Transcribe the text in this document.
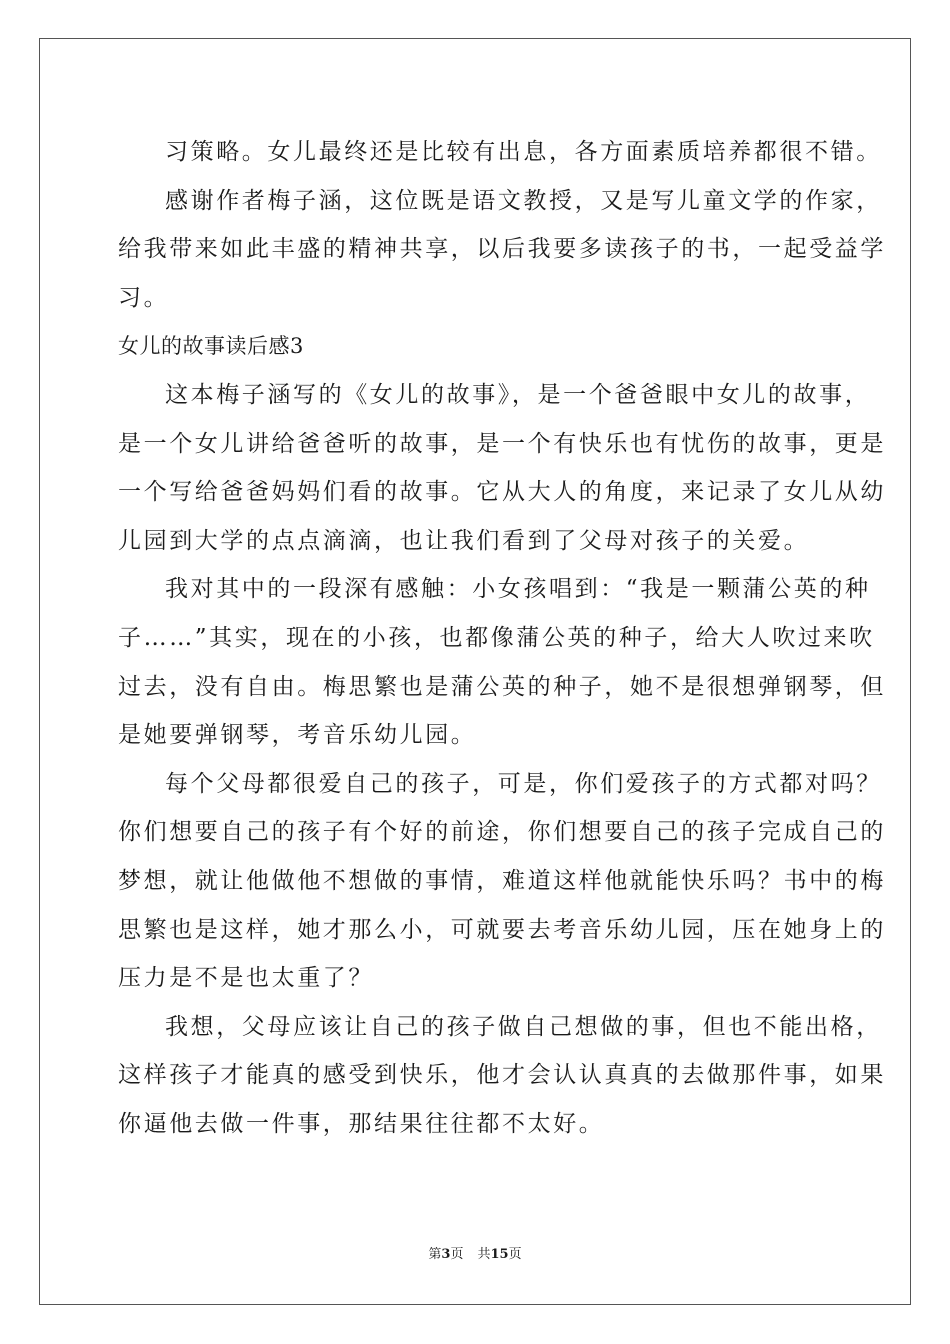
习策略。女儿最终还是比较有出息，各方面素质培养都很不错。
感谢作者梅子涵，这位既是语文教授，又是写儿童文学的作家，
给我带来如此丰盛的精神共享，以后我要多读孩子的书，一起受益学
习。
女儿的故事读后感3
这本梅子涵写的《女儿的故事》，是一个爸爸眼中女儿的故事，
是一个女儿讲给爸爸听的故事，是一个有快乐也有忧伤的故事，更是
一个写给爸爸妈妈们看的故事。它从大人的角度，来记录了女儿从幼
儿园到大学的点点滴滴，也让我们看到了父母对孩子的关爱。
我对其中的一段深有感触：小女孩唱到：“我是一颗蒲公英的种
子……”其实，现在的小孩，也都像蒲公英的种子，给大人吹过来吹
过去，没有自由。梅思繁也是蒲公英的种子，她不是很想弹钢琴，但
是她要弹钢琴，考音乐幼儿园。
每个父母都很爱自己的孩子，可是，你们爱孩子的方式都对吗？
你们想要自己的孩子有个好的前途，你们想要自己的孩子完成自己的
梦想，就让他做他不想做的事情，难道这样他就能快乐吗？书中的梅
思繁也是这样，她才那么小，可就要去考音乐幼儿园，压在她身上的
压力是不是也太重了？
我想，父母应该让自己的孩子做自己想做的事，但也不能出格，
这样孩子才能真的感受到快乐，他才会认认真真的去做那件事，如果
你逼他去做一件事，那结果往往都不太好。
第3页 共15页
